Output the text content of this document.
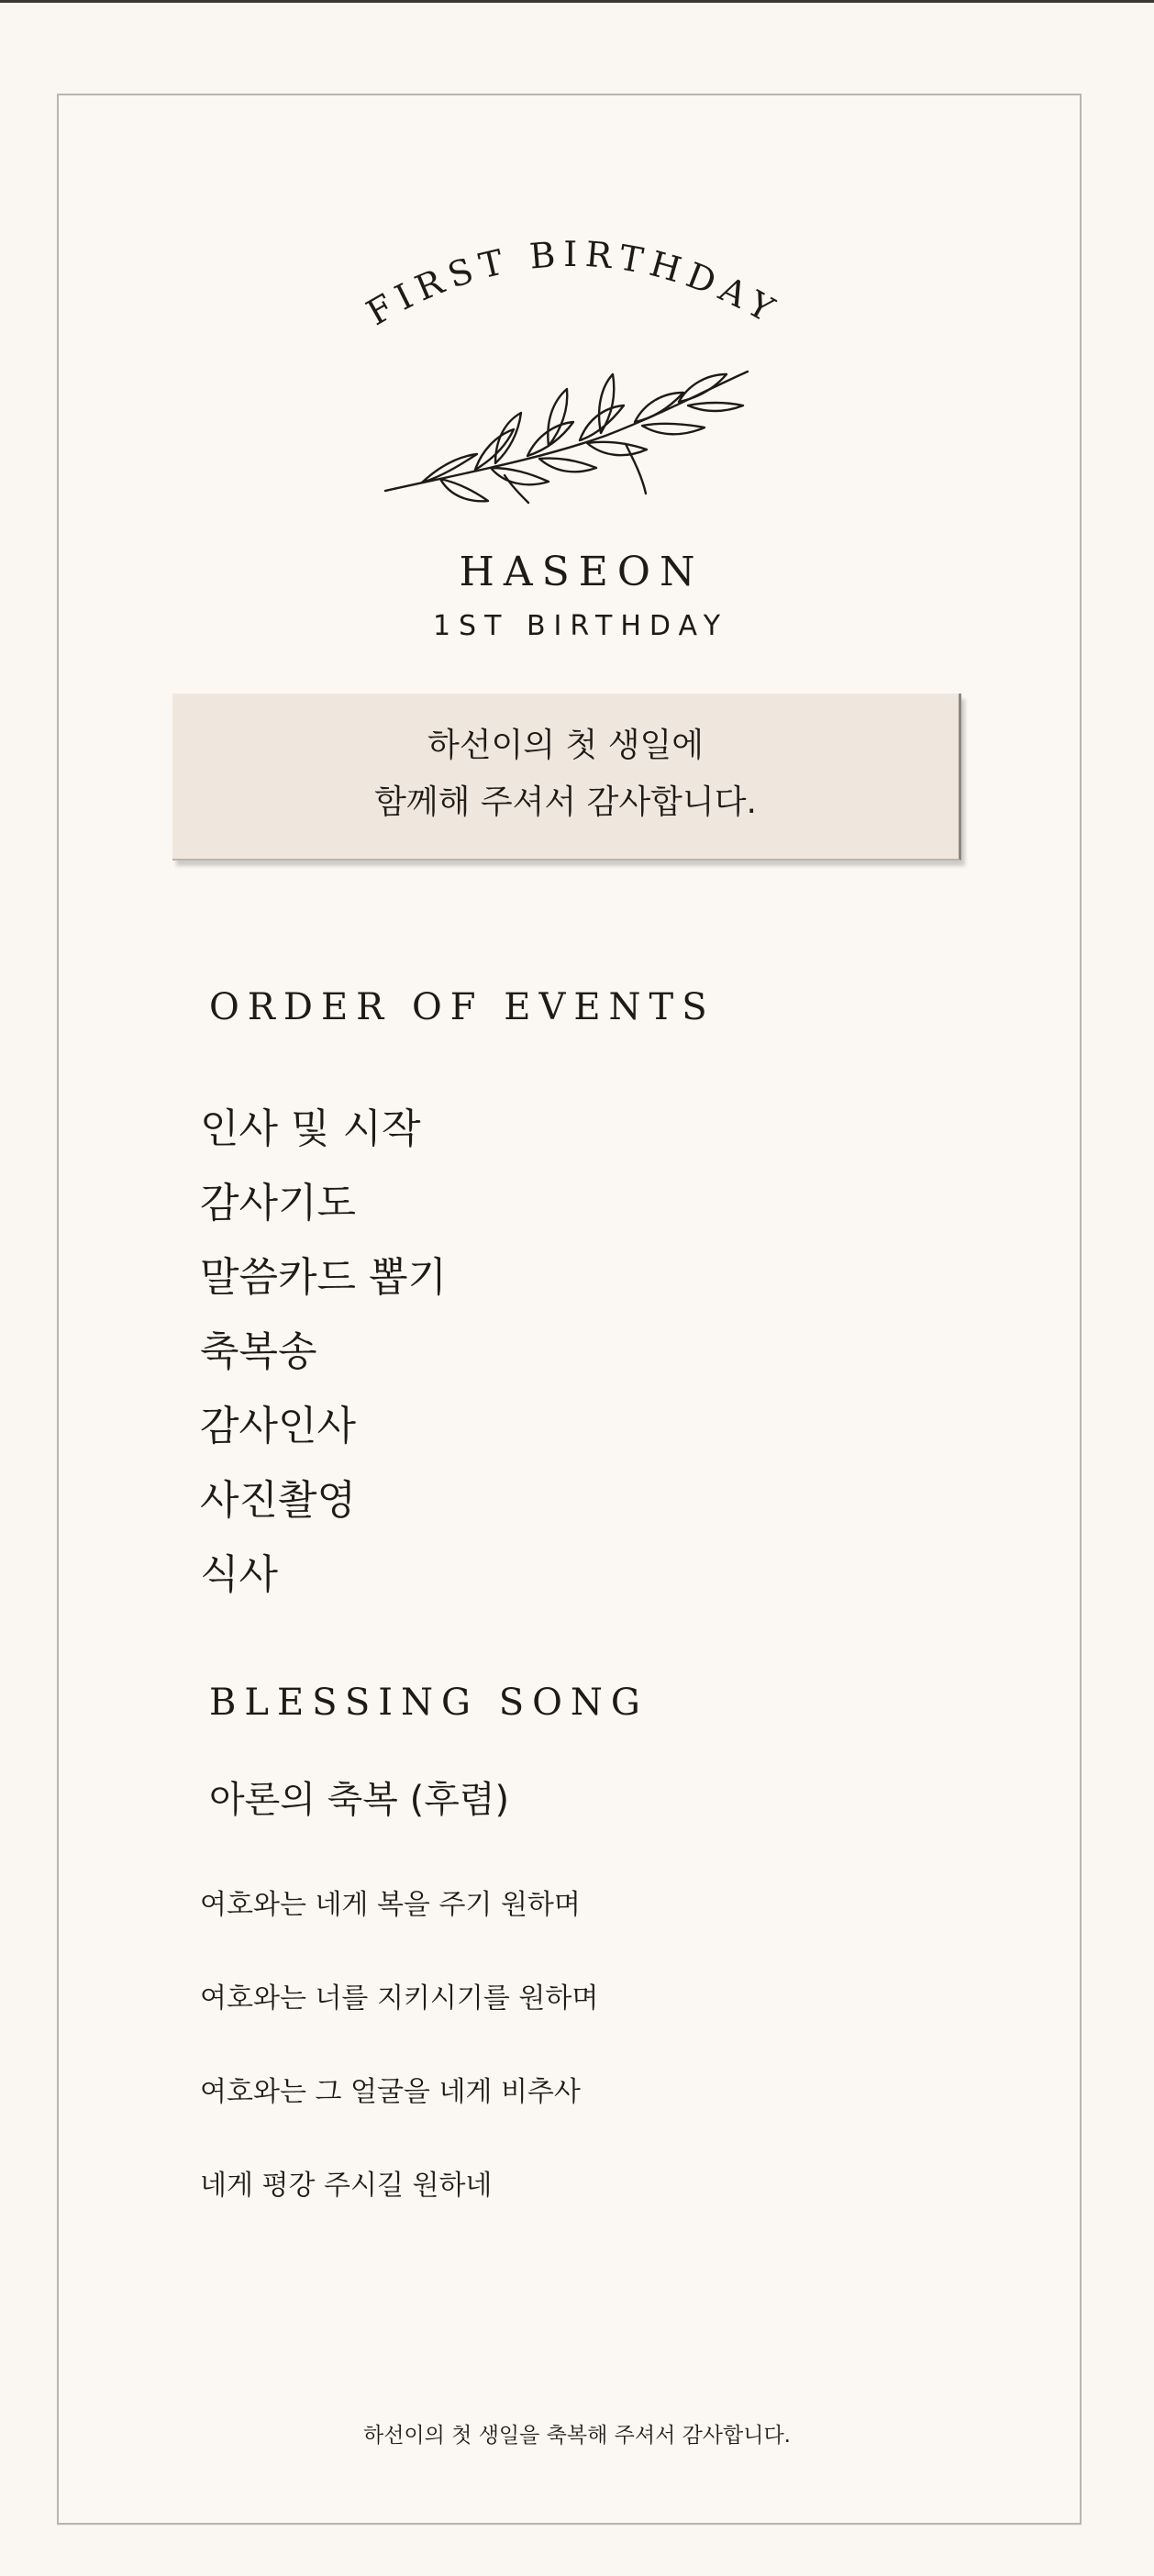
FIRST BIRTHDAY
HASEON
1ST BIRTHDAY
하선이의 첫 생일에
함께해 주셔서 감사합니다.
ORDER OF EVENTS
인사 및 시작
감사기도
말씀카드 뽑기
축복송
감사인사
사진촬영
식사
BLESSING SONG
아론의 축복 (후렴)
여호와는 네게 복을 주기 원하며
여호와는 너를 지키시기를 원하며
여호와는 그 얼굴을 네게 비추사
네게 평강 주시길 원하네
하선이의 첫 생일을 축복해 주셔서 감사합니다.
